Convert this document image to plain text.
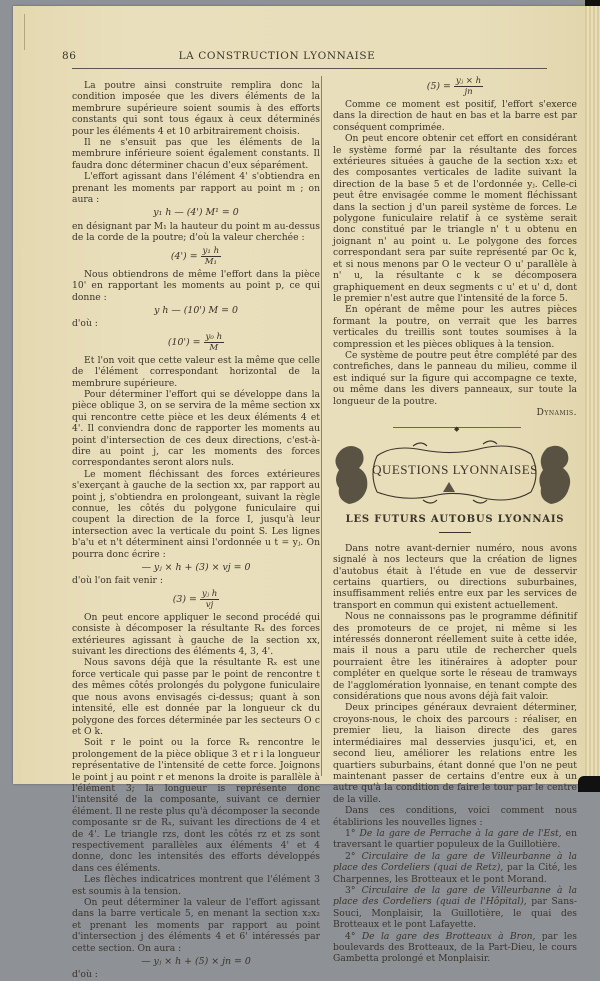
86	LA CONSTRUCTION LYONNAISE

La poutre ainsi construite remplira donc la condition imposée que les divers éléments de la membrure supérieure soient soumis à des efforts constants qui sont tous égaux à ceux déterminés pour les éléments 4 et 10 arbitrairement choisis.

Il ne s'ensuit pas que les éléments de la membrure inférieure soient également constants. Il faudra donc déterminer chacun d'eux séparément.

L'effort agissant dans l'élément 4' s'obtiendra en prenant les moments par rapport au point m ; on aura :

y₁ h — (4') M¹ = 0

en désignant par M₁ la hauteur du point m au-dessus de la corde de la poutre; d'où la valeur cherchée :

$(4') = \frac{\text{y₁ h}}{\text{M₁}}$

Nous obtiendrons de même l'effort dans la pièce 10' en rapportant les moments au point p, ce qui donne :

y h — (10') M = 0

d'où :

$(10') = \frac{\text{y₀ h}}{M}$

Et l'on voit que cette valeur est la même que celle de l'élément correspondant horizontal de la membrure supérieure.

Pour déterminer l'effort qui se développe dans la pièce oblique 3, on se servira de la même section xx qui rencontre cette pièce et les deux éléments 4 et 4'. Il conviendra donc de rapporter les moments au point d'intersection de ces deux directions, c'est-à-dire au point j, car les moments des forces correspondantes seront alors nuls.

Le moment fléchissant des forces extérieures s'exerçant à gauche de la section xx, par rapport au point j, s'obtiendra en prolongeant, suivant la règle connue, les côtés du polygone funiculaire qui coupent la direction de la force I, jusqu'à leur intersection avec la verticale du point S. Les lignes b'a'u et n't déterminent ainsi l'ordonnée u t = yⱼ. On pourra donc écrire :

— yⱼ × h + (3) × vj = 0

d'où l'on fait venir :

$(3) = \frac{\text{yⱼ h}}{vj}$

On peut encore appliquer le second procédé qui consiste à décomposer la résultante Rₓ des forces extérieures agissant à gauche de la section xx, suivant les directions des éléments 4, 3, 4'.

Nous savons déjà que la résultante Rₓ est une force verticale qui passe par le point de rencontre t des mêmes côtés prolongés du polygone funiculaire que nous avons envisagés ci-dessus; quant à son intensité, elle est donnée par la longueur ck du polygone des forces déterminée par les secteurs O c et O k.

Soit r le point ou la force Rₓ rencontre le prolongement de la pièce oblique 3 et r i la longueur représentative de l'intensité de cette force. Joignons le point j au point r et menons la droite is parallèle à l'élément 3; la longueur is représente donc l'intensité de la composante, suivant ce dernier élément. Il ne reste plus qu'à décomposer la seconde composante sr de Rₓ, suivant les directions de 4 et de 4'. Le triangle rzs, dont les côtés rz et zs sont respectivement parallèles aux éléments 4' et 4 donne, donc les intensités des efforts développés dans ces éléments.

Les flèches indicatrices montrent que l'élément 3 est soumis à la tension.

On peut déterminer la valeur de l'effort agissant dans la barre verticale 5, en menant la section x₂x₂ et prenant les moments par rapport au point d'intersection j des éléments 4 et 6' intéressés par cette section. On aura :

— yⱼ × h + (5) × jn = 0

d'où :

$(5) = \frac{\text{yⱼ × h}}{jn}$

Comme ce moment est positif, l'effort s'exerce dans la direction de haut en bas et la barre est par conséquent comprimée.

On peut encore obtenir cet effort en considérant le système formé par la résultante des forces extérieures situées à gauche de la section x₂x₂ et des composantes verticales de ladite suivant la direction de la base 5 et de l'ordonnée yⱼ. Celle-ci peut être envisagée comme le moment fléchissant dans la section j d'un pareil système de forces. Le polygone funiculaire relatif à ce système serait donc constitué par le triangle n' t u obtenu en joignant n' au point u. Le polygone des forces correspondant sera par suite représenté par Oc k, et si nous menons par O le vecteur O u' parallèle à n' u, la résultante c k se décomposera graphiquement en deux segments c u' et u' d, dont le premier n'est autre que l'intensité de la force 5.

En opérant de même pour les autres pièces formant la poutre, on verrait que les barres verticales du treillis sont toutes soumises à la compression et les pièces obliques à la tension.

Ce système de poutre peut être complété par des contrefiches, dans le panneau du milieu, comme il est indiqué sur la figure qui accompagne ce texte, ou même dans les divers panneaux, sur toute la longueur de la poutre.

Dynamis.
◆
QUESTIONS LYONNAISES
LES FUTURS AUTOBUS LYONNAIS

Dans notre avant-dernier numéro, nous avons signalé à nos lecteurs que la création de lignes d'autobus était à l'étude en vue de desservir certains quartiers, ou directions suburbaines, insuffisamment reliés entre eux par les services de transport en commun qui existent actuellement.

Nous ne connaissons pas le programme définitif des promoteurs de ce projet, ni même si les intéressés donneront réellement suite à cette idée, mais il nous a paru utile de rechercher quels pourraient être les itinéraires à adopter pour compléter en quelque sorte le réseau de tramways de l'agglomération lyonnaise, en tenant compte des considérations que nous avons déjà fait valoir.

Deux principes généraux devraient déterminer, croyons-nous, le choix des parcours : réaliser, en premier lieu, la liaison directe des gares intermédiaires mal desservies jusqu'ici, et, en second lieu, améliorer les relations entre les quartiers suburbains, étant donné que l'on ne peut maintenant passer de certains d'entre eux à un autre qu'à la condition de faire le tour par le centre de la ville.

Dans ces conditions, voici comment nous établirions les nouvelles lignes :

1° De la gare de Perrache à la gare de l'Est, en traversant le quartier populeux de la Guillotière.

2° Circulaire de la gare de Villeurbanne à la place des Cordeliers (quai de Retz), par la Cité, les Charpennes, les Brotteaux et le pont Morand.

3° Circulaire de la gare de Villeurbanne à la place des Cordeliers (quai de l'Hôpital), par Sans-Souci, Monplaisir, la Guillotière, le quai des Brotteaux et le pont Lafayette.

4° De la gare des Brotteaux à Bron, par les boulevards des Brotteaux, de la Part-Dieu, le cours Gambetta prolongé et Monplaisir.
